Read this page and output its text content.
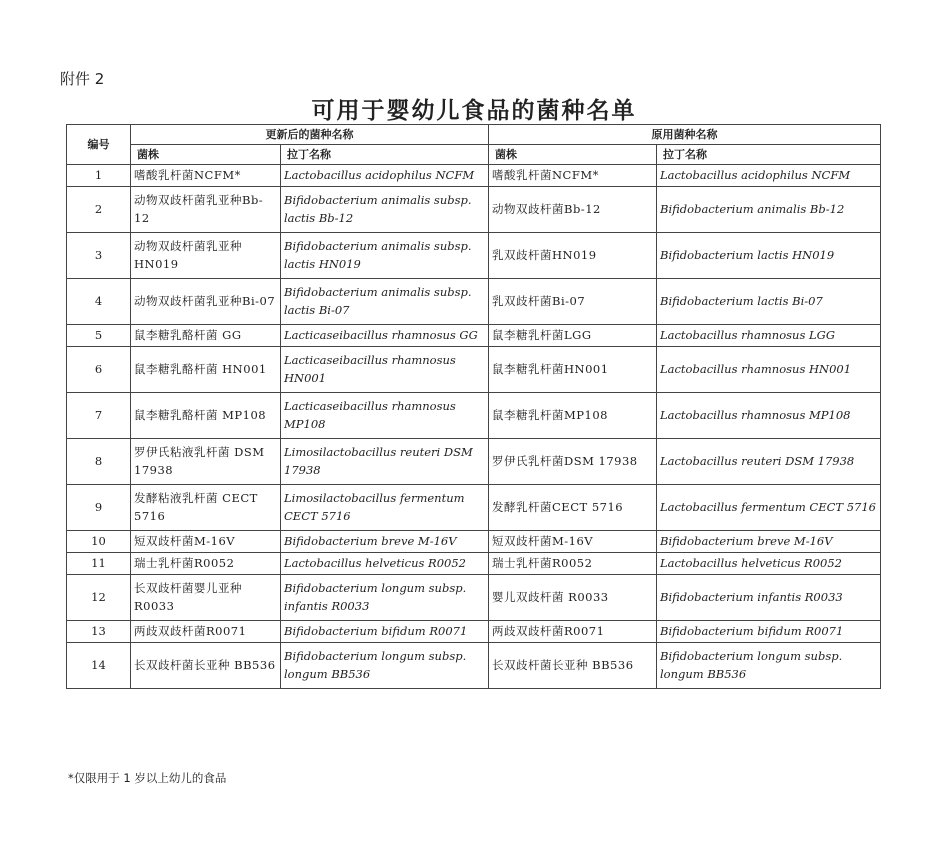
附件 2
可用于婴幼儿食品的菌种名单
编号	更新后的菌种名称		原用菌种名称	
	菌株	拉丁名称	菌株	拉丁名称
1	嗜酸乳杆菌NCFM*	Lactobacillus acidophilus NCFM	嗜酸乳杆菌NCFM*	Lactobacillus acidophilus NCFM
2	动物双歧杆菌乳亚种Bb-12	Bifidobacterium animalis subsp. lactis Bb-12	动物双歧杆菌Bb-12	Bifidobacterium animalis Bb-12
3	动物双歧杆菌乳亚种HN019	Bifidobacterium animalis subsp. lactis HN019	乳双歧杆菌HN019	Bifidobacterium lactis HN019
4	动物双歧杆菌乳亚种Bi-07	Bifidobacterium animalis subsp. lactis Bi-07	乳双歧杆菌Bi-07	Bifidobacterium lactis Bi-07
5	鼠李糖乳酪杆菌 GG	Lacticaseibacillus rhamnosus GG	鼠李糖乳杆菌LGG	Lactobacillus rhamnosus LGG
6	鼠李糖乳酪杆菌 HN001	Lacticaseibacillus rhamnosus HN001	鼠李糖乳杆菌HN001	Lactobacillus rhamnosus HN001
7	鼠李糖乳酪杆菌 MP108	Lacticaseibacillus rhamnosus MP108	鼠李糖乳杆菌MP108	Lactobacillus rhamnosus MP108
8	罗伊氏粘液乳杆菌 DSM 17938	Limosilactobacillus reuteri DSM 17938	罗伊氏乳杆菌DSM 17938	Lactobacillus reuteri DSM 17938
9	发酵粘液乳杆菌 CECT 5716	Limosilactobacillus fermentum CECT 5716	发酵乳杆菌CECT 5716	Lactobacillus fermentum CECT 5716
10	短双歧杆菌M-16V	Bifidobacterium breve M-16V	短双歧杆菌M-16V	Bifidobacterium breve M-16V
11	瑞士乳杆菌R0052	Lactobacillus helveticus R0052	瑞士乳杆菌R0052	Lactobacillus helveticus R0052
12	长双歧杆菌婴儿亚种R0033	Bifidobacterium longum subsp. infantis R0033	婴儿双歧杆菌 R0033	Bifidobacterium infantis R0033
13	两歧双歧杆菌R0071	Bifidobacterium bifidum R0071	两歧双歧杆菌R0071	Bifidobacterium bifidum R0071
14	长双歧杆菌长亚种 BB536	Bifidobacterium longum subsp. longum BB536	长双歧杆菌长亚种 BB536	Bifidobacterium longum subsp. longum BB536
*仅限用于 1 岁以上幼儿的食品
